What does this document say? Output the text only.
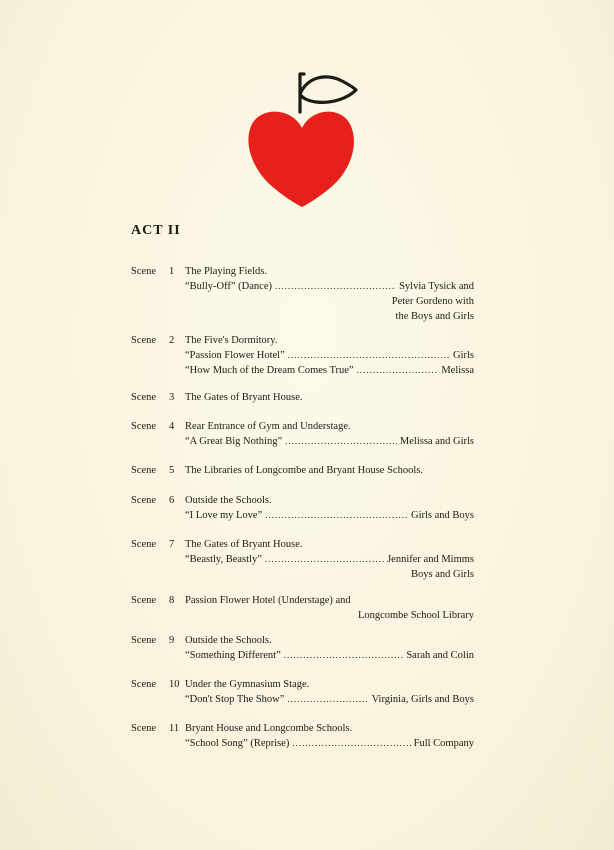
ACT II
Scene 1 The Playing Fields.
“Bully-Off” (Dance) .....	Sylvia Tysick and
Peter Gordeno with
the Boys and Girls
Scene 2 The Five's Dormitory.
“Passion Flower Hotel” .....	Girls
“How Much of the Dream Comes True” .....	Melissa
Scene 3 The Gates of Bryant House.
Scene 4 Rear Entrance of Gym and Understage.
“A Great Big Nothing” .....	Melissa and Girls
Scene 5 The Libraries of Longcombe and Bryant House Schools.
Scene 6 Outside the Schools.
“I Love my Love” .....	Girls and Boys
Scene 7 The Gates of Bryant House.
“Beastly, Beastly” .....	Jennifer and Mimms
Boys and Girls
Scene 8 Passion Flower Hotel (Understage) and
Longcombe School Library
Scene 9 Outside the Schools.
“Something Different” .....	Sarah and Colin
Scene 10 Under the Gymnasium Stage.
“Don't Stop The Show” .....	Virginia, Girls and Boys
Scene 11 Bryant House and Longcombe Schools.
“School Song” (Reprise) .....	Full Company
